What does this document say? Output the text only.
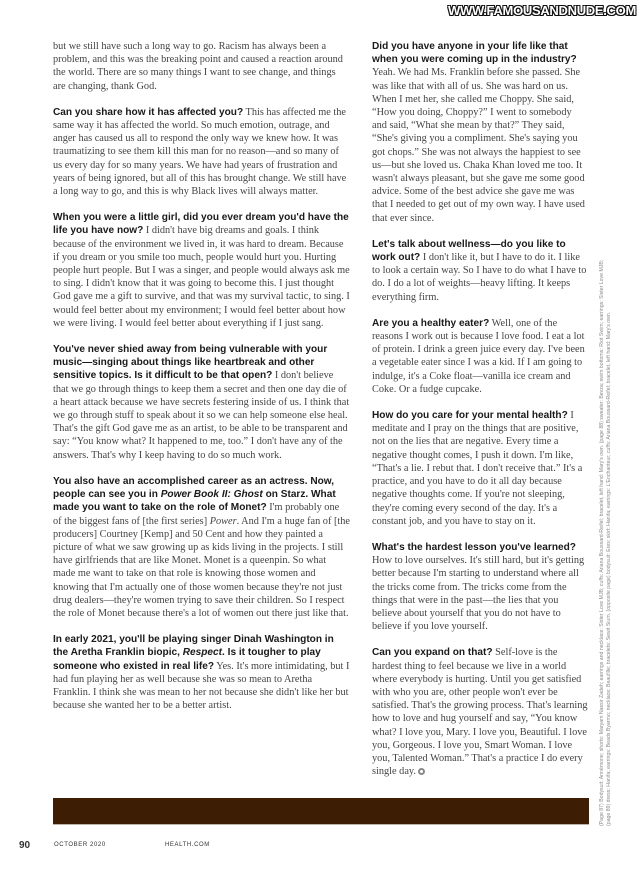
WWW.FAMOUSANDNUDE.COM

but we still have such a long way to go. Racism has always been a problem, and this was the breaking point and caused a reaction around the world. There are so many things I want to see change, and things are changing, thank God.

Can you share how it has affected you? This has affected me the same way it has affected the world. So much emotion, outrage, and anger has caused us all to respond the only way we knew how. It was traumatizing to see them kill this man for no reason—and so many of us every day for so many years. We have had years of frustration and years of being ignored, but all of this has brought change. We still have a long way to go, and this is why Black lives will always matter.

When you were a little girl, did you ever dream you'd have the life you have now? I didn't have big dreams and goals. I think because of the environment we lived in, it was hard to dream. Because if you dream or you smile too much, people would hurt you. Hurting people hurt people. But I was a singer, and people would always ask me to sing. I didn't know that it was going to become this. I just thought God gave me a gift to survive, and that was my survival tactic, to sing. I would feel better about my environment; I would feel better about how we were living. I would feel better about everything if I just sang.

You've never shied away from being vulnerable with your music—singing about things like heartbreak and other sensitive topics. Is it difficult to be that open? I don't believe that we go through things to keep them a secret and then one day die of a heart attack because we have secrets festering inside of us. I think that we go through stuff to speak about it so we can help someone else heal. That's the gift God gave me as an artist, to be able to be transparent and say: “You know what? It happened to me, too.” I don't have any of the answers. That's why I keep having to do so much work.

You also have an accomplished career as an actress. Now, people can see you in Power Book II: Ghost on Starz. What made you want to take on the role of Monet? I'm probably one of the biggest fans of [the first series] Power. And I'm a huge fan of [the producers] Courtney [Kemp] and 50 Cent and how they painted a picture of what we saw growing up as kids living in the projects. I still have girlfriends that are like Monet. Monet is a queenpin. So what made me want to take on that role is knowing those women and knowing that I'm actually one of those women because they're not just drug dealers—they're women trying to save their children. So I respect the role of Monet because there's a lot of women out there just like that.

In early 2021, you'll be playing singer Dinah Washington in the Aretha Franklin biopic, Respect. Is it tougher to play someone who existed in real life? Yes. It's more intimidating, but I had fun playing her as well because she was so mean to Aretha Franklin. I think she was mean to her not because she didn't like her but because she wanted her to be a better artist.

Did you have anyone in your life like that when you were coming up in the industry? Yeah. We had Ms. Franklin before she passed. She was like that with all of us. She was hard on us. When I met her, she called me Choppy. She said, “How you doing, Choppy?” I went to somebody and said, “What she mean by that?” They said, “She's giving you a compliment. She's saying you got chops.” She was not always the happiest to see us—but she loved us. Chaka Khan loved me too. It wasn't always pleasant, but she gave me some good advice. Some of the best advice she gave me was that I needed to get out of my own way. I have used that ever since.

Let's talk about wellness—do you like to work out? I don't like it, but I have to do it. I like to look a certain way. So I have to do what I have to do. I do a lot of weights—heavy lifting. It keeps everything firm.

Are you a healthy eater? Well, one of the reasons I work out is because I love food. I eat a lot of protein. I drink a green juice every day. I've been a vegetable eater since I was a kid. If I am going to indulge, it's a Coke float—vanilla ice cream and Coke. Or a fudge cupcake.

How do you care for your mental health? I meditate and I pray on the things that are positive, not on the lies that are negative. Every time a negative thought comes, I push it down. I'm like, “That's a lie. I rebut that. I don't receive that.” It's a practice, and you have to do it all day because negative thoughts come. If you're not sleeping, they're coming every second of the day. It's a constant job, and you have to stay on it.

What's the hardest lesson you've learned? How to love ourselves. It's still hard, but it's getting better because I'm starting to understand where all the tricks come from. The tricks come from the things that were in the past—the lies that you believe about yourself that you do not have to believe if you love yourself.

Can you expand on that? Self-love is the hardest thing to feel because we live in a world where everybody is hurting. Until you get satisfied with who you are, other people won't ever be satisfied. That's the growing process. That's learning how to love and hug yourself and say, “You know what? I love you, Mary. I love you, Beautiful. I love you, Gorgeous. I love you, Smart Woman. I love you, Talented Woman.” That's a practice I do every single day.	(Page 87) Bodysuit: Annémone; shorts: Maryam Nassir Zadeh; earrings and necklace: Sister Love MJB; cuffs: Ariana Boussard-Reifel; bracelet, left hand: Mary's own. (page 88) sweater: Bevza; swim bottoms: Riot Swim; earrings: Sister Love MJB; (page 89) dress: Hanifa; earrings: Beads Byarmo; necklace: Beaufille; bracelets: Sewit Sium. (opposite page) bodysuit: Eres; skirt: Hanifa; earrings: L'Enchanteur; cuffs: Ariana Boussard-Reifel; bracelet, left hand: Mary's own.
90	OCTOBER 2020	HEALTH.COM
